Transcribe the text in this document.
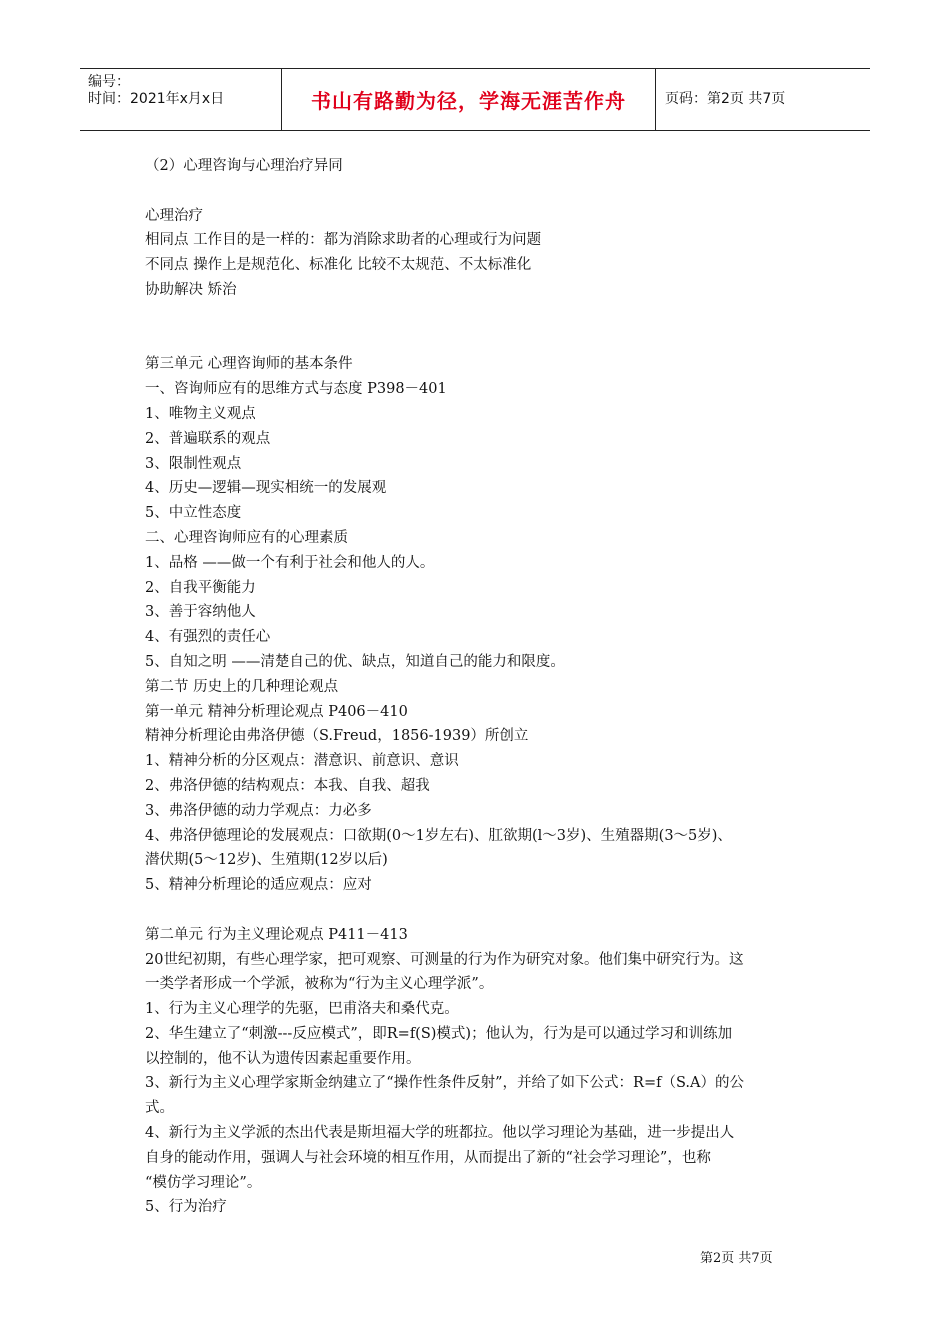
编号：
时间：2021年x月x日	书山有路勤为径，学海无涯苦作舟	页码：第2页 共7页
（2）心理咨询与心理治疗异同
心理治疗
相同点 工作目的是一样的：都为消除求助者的心理或行为问题
不同点 操作上是规范化、标准化 比较不太规范、不太标准化
协助解决 矫治
第三单元 心理咨询师的基本条件
一、咨询师应有的思维方式与态度 P398－401
1、唯物主义观点
2、普遍联系的观点
3、限制性观点
4、历史—逻辑—现实相统一的发展观
5、中立性态度
二、心理咨询师应有的心理素质
1、品格 ——做一个有利于社会和他人的人。
2、自我平衡能力
3、善于容纳他人
4、有强烈的责任心
5、自知之明 ——清楚自己的优、缺点，知道自己的能力和限度。
第二节 历史上的几种理论观点
第一单元 精神分析理论观点 P406－410
精神分析理论由弗洛伊德（S.Freud，1856-1939）所创立
1、精神分析的分区观点：潜意识、前意识、意识
2、弗洛伊德的结构观点：本我、自我、超我
3、弗洛伊德的动力学观点：力必多
4、弗洛伊德理论的发展观点：口欲期(0～1岁左右)、肛欲期(l～3岁)、生殖器期(3～5岁)、
潜伏期(5～12岁)、生殖期(12岁以后)
5、精神分析理论的适应观点：应对
第二单元 行为主义理论观点 P411－413
20世纪初期，有些心理学家，把可观察、可测量的行为作为研究对象。他们集中研究行为。这
一类学者形成一个学派，被称为“行为主义心理学派”。
1、行为主义心理学的先驱，巴甫洛夫和桑代克。
2、华生建立了“刺激---反应模式”，即R=f(S)模式)；他认为，行为是可以通过学习和训练加
以控制的，他不认为遗传因素起重要作用。
3、新行为主义心理学家斯金纳建立了“操作性条件反射”，并给了如下公式：R=f（S.A）的公
式。
4、新行为主义学派的杰出代表是斯坦福大学的班都拉。他以学习理论为基础，进一步提出人
自身的能动作用，强调人与社会环境的相互作用，从而提出了新的“社会学习理论”，也称
“模仿学习理论”。
5、行为治疗
第2页 共7页
